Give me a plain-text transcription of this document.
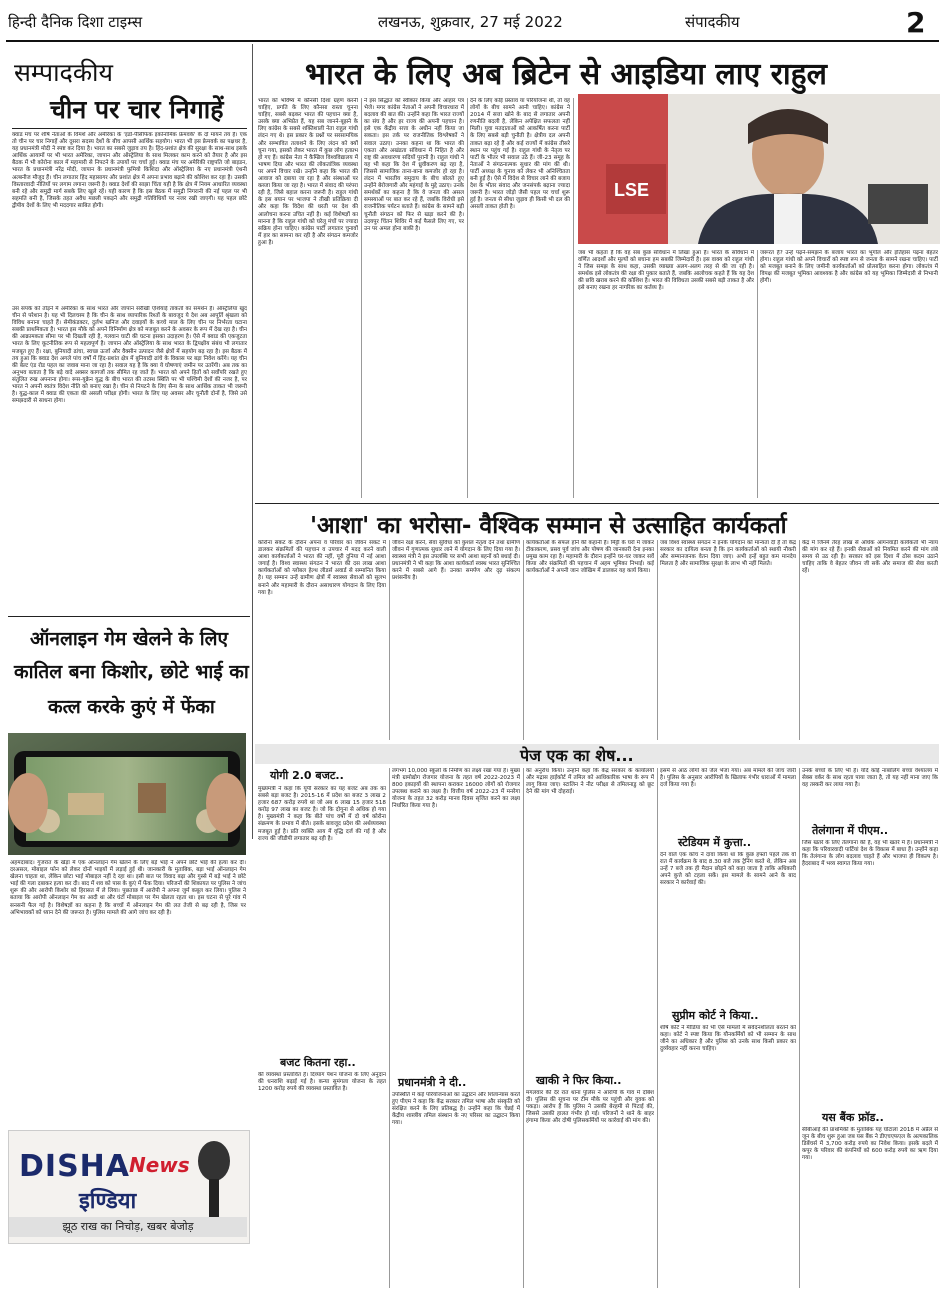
हिन्दी दैनिक दिशा टाइम्स	लखनऊ, शुक्रवार, 27 मई 2022	संपादकीय	2
सम्पादकीय
चीन पर चार निगाहें
क्वाड मंच पर शीर्ष नेताओं के विमर्श और अमेरिका के 'इंडो-पैसिफिक इकोनॉमिक फ्रेमवर्क' के दो मायने तय हैं। एक तो चीन पर चार निगाहें और दूसरा सदस्य देशों के बीच आपसी आर्थिक सहयोग। भारत भी इस फ्रेमवर्क का पक्षधर है, यह प्रधानमंत्री मोदी ने स्पष्ट कर दिया है। भारत का सबसे जुड़ाव तय है। हिंद-प्रशांत क्षेत्र की सुरक्षा के साथ-साथ इसके आर्थिक आयामों पर भी भारत अमेरिका, जापान और ऑस्ट्रेलिया के साथ मिलकर काम करने को तैयार है और इस बैठक में भी कोरोना काल में महामारी से निपटने के उपायों पर चर्चा हुई। क्वाड मंच पर अमेरिकी राष्ट्रपति जो बाइडन, भारत के प्रधानमंत्री नरेंद्र मोदी, जापान के प्रधानमंत्री फुमियो किशिदा और ऑस्ट्रेलिया के नए प्रधानमंत्री एंथनी अल्बनीज मौजूद हैं। चीन लगातार हिंद महासागर और प्रशांत क्षेत्र में अपना प्रभाव बढ़ाने की कोशिश कर रहा है। उसकी विस्तारवादी नीतियों पर लगाम लगाना जरूरी है। क्वाड देशों की साझा चिंता यही है कि क्षेत्र में नियम आधारित व्यवस्था बनी रहे और समुद्री मार्ग सबके लिए खुले रहें। यही कारण है कि इस बैठक में समुद्री निगरानी की नई पहल पर भी सहमति बनी है, जिसके तहत अवैध मछली पकड़ने और समुद्री गतिविधियों पर नजर रखी जाएगी। यह पहल छोटे द्वीपीय देशों के लिए भी मददगार साबित होगी।
उस संपर्क को तोड़ने में अमेरिका के साथ भारत और जापान सरीखी एशियाई ताकतों का समर्थन है। ऑस्ट्रेलिया खुद चीन से परेशान है। यह भी दिलचस्प है कि चीन के साथ व्यापारिक रिश्तों के बावजूद ये देश अब आपूर्ति श्रृंखला को विविध बनाना चाहते हैं। सेमीकंडक्टर, दुर्लभ खनिज और दवाइयों के कच्चे माल के लिए चीन पर निर्भरता घटाना सबकी प्राथमिकता है। भारत इस मौके को अपने विनिर्माण क्षेत्र को मजबूत करने के अवसर के रूप में देख रहा है। चीन की आक्रामकता सीमा पर भी दिखती रही है, गलवान घाटी की घटना इसका उदाहरण है। ऐसे में क्वाड की एकजुटता भारत के लिए कूटनीतिक रूप से महत्वपूर्ण है। जापान और ऑस्ट्रेलिया के साथ भारत के द्विपक्षीय संबंध भी लगातार मजबूत हुए हैं। रक्षा, बुनियादी ढांचा, स्वच्छ ऊर्जा और वैक्सीन उत्पादन जैसे क्षेत्रों में सहयोग बढ़ रहा है। इस बैठक में तय हुआ कि क्वाड देश अगले पांच वर्षों में हिंद-प्रशांत क्षेत्र में बुनियादी ढांचे के विकास पर बड़ा निवेश करेंगे। यह चीन की बेल्ट एंड रोड पहल का जवाब माना जा रहा है। सवाल यह है कि क्या ये घोषणाएं जमीन पर उतरेंगी। अब तक का अनुभव बताता है कि बड़े वादे अक्सर कागजों तक सीमित रह जाते हैं। भारत को अपने हितों को सर्वोपरि रखते हुए संतुलित रुख अपनाना होगा। रूस-यूक्रेन युद्ध के बीच भारत की तटस्थ स्थिति पर भी पश्चिमी देशों की नजर है, पर भारत ने अपनी स्वतंत्र विदेश नीति को बनाए रखा है। चीन से निपटने के लिए सैन्य के साथ आर्थिक ताकत भी जरूरी है। युद्ध-काल में क्वाड की एकता की असली परीक्षा होगी। भारत के लिए यह अवसर और चुनौती दोनों है, जिसे उसे समझदारी से साधना होगा।
ऑनलाइन गेम खेलने के लिए
कातिल बना किशोर, छोटे भाई का
कत्ल करके कुएं में फेंका
अहमदाबाद। गुजरात के खेड़ा में एक ऑनलाइन गेम खेलने के लिए बड़े भाई ने अपने छोटे भाई की हत्या कर दी। दरअसल, मोबाइल फोन को लेकर दोनों भाइयों में लड़ाई हुई थी। जानकारी के मुताबिक, बड़ा भाई ऑनलाइन गेम खेलना चाहता था, लेकिन छोटा भाई मोबाइल नहीं दे रहा था। इसी बात पर विवाद बढ़ा और गुस्से में बड़े भाई ने छोटे भाई की गला दबाकर हत्या कर दी। बाद में शव को पास के कुएं में फेंक दिया। परिजनों की शिकायत पर पुलिस ने जांच शुरू की और आरोपी किशोर को हिरासत में ले लिया। पूछताछ में आरोपी ने अपना जुर्म कबूल कर लिया। पुलिस ने बताया कि आरोपी ऑनलाइन गेम का आदी था और घंटों मोबाइल पर गेम खेलता रहता था। इस घटना से पूरे गांव में सनसनी फैल गई है। विशेषज्ञों का कहना है कि बच्चों में ऑनलाइन गेम की लत तेजी से बढ़ रही है, जिस पर अभिभावकों को ध्यान देने की जरूरत है। पुलिस मामले की आगे जांच कर रही है।
DISHA News
इण्डिया
झूठ राख का निचोड़, खबर बेजोड़
भारत के लिए अब ब्रिटेन से आइडिया लाए राहुल
भारत को भविष्य में कौनसी दिशा ग्रहण करनी चाहिए, प्रगति के लिए कौनसा रास्ता चुनना चाहिए, सबसे बढ़कर भारत की पहचान क्या है, उसके क्या अभिप्रेत हैं, यह सब जानने-बूझने के लिए कांग्रेस के सबसे शक्तिशाली नेता राहुल गांधी लंदन गए थे। इस प्रकार के प्रश्नों पर सरसामयिक और सम्भावित तलाशने के लिए लंदन को क्यों चुना गया, इसको लेकर भारत में कुछ लोग हतप्रभ हो गए हैं। कांग्रेस नेता ने कैम्ब्रिज विश्वविद्यालय में भाषण दिया और भारत की लोकतांत्रिक व्यवस्था पर अपने विचार रखे। उन्होंने कहा कि भारत की आवाज को दबाया जा रहा है और संस्थाओं पर कब्जा किया जा रहा है। भारत में संवाद की परंपरा रही है, जिसे बहाल करना जरूरी है। राहुल गांधी के इस बयान पर भाजपा ने तीखी प्रतिक्रिया दी और कहा कि विदेश की धरती पर देश की आलोचना करना उचित नहीं है। कई विशेषज्ञों का मानना है कि राहुल गांधी को घरेलू मंचों पर ज्यादा सक्रिय होना चाहिए। कांग्रेस पार्टी लगातार चुनावों में हार का सामना कर रही है और संगठन कमजोर हुआ है।
ने इस सिद्धांत को स्वीकार किया और आहार पत्र भेजे। मगर कांग्रेस नेताओं ने अपनी विचारधारा में बदलाव की बात की। उन्होंने कहा कि भारत राज्यों का संघ है और हर राज्य की अपनी पहचान है। इसे एक केंद्रीय सत्ता के अधीन नहीं किया जा सकता। इस तर्क पर राजनीतिक विश्लेषकों ने सवाल उठाए। उनका कहना था कि भारत की एकता और अखंडता संविधान में निहित है और राष्ट्र की अवधारणा सदियों पुरानी है। राहुल गांधी ने यह भी कहा कि देश में ध्रुवीकरण बढ़ रहा है, जिससे सामाजिक ताना-बाना कमजोर हो रहा है। लंदन में भारतीय समुदाय के बीच बोलते हुए उन्होंने बेरोजगारी और महंगाई के मुद्दे उठाए। उनके समर्थकों का कहना है कि वे जनता की असल समस्याओं पर बात कर रहे हैं, जबकि विरोधी इसे राजनीतिक पर्यटन बताते हैं। कांग्रेस के सामने बड़ी चुनौती संगठन को फिर से खड़ा करने की है। उदयपुर चिंतन शिविर में कई फैसले लिए गए, पर उन पर अमल होना बाकी है।
देने के लिए कोई प्रस्ताव या परियोजना थी, तो वह लोगों के बीच सामने आनी चाहिए। कांग्रेस ने 2014 में सत्ता खोने के बाद से लगातार अपनी रणनीति बदली है, लेकिन अपेक्षित सफलता नहीं मिली। युवा मतदाताओं को आकर्षित करना पार्टी के लिए सबसे बड़ी चुनौती है। क्षेत्रीय दल अपनी ताकत बढ़ा रहे हैं और कई राज्यों में कांग्रेस तीसरे स्थान पर पहुंच गई है। राहुल गांधी के नेतृत्व पर पार्टी के भीतर भी सवाल उठे हैं। जी-23 समूह के नेताओं ने संगठनात्मक सुधार की मांग की थी। पार्टी अध्यक्ष के चुनाव को लेकर भी अनिश्चितता बनी हुई है। ऐसे में विदेश से विचार लाने की बजाय देश के भीतर संवाद और जनसंपर्क बढ़ाना ज्यादा जरूरी है। भारत जोड़ो जैसी पहल पर चर्चा शुरू हुई है। जनता से सीधा जुड़ाव ही किसी भी दल की असली ताकत होती है।
LSE
जब भी कहता हैं कि वह सब कुछ संविधान में लिखा हुआ है। भारत के संविधान में वर्णित आदर्शों और मूल्यों को बचाना हम सबकी जिम्मेदारी है। इस वाक्य को राहुल गांधी ने जिस समझ के साथ कहा, उसकी व्याख्या अलग-अलग तरह से की जा रही है। समर्थक इसे लोकतंत्र की रक्षा की पुकार बताते हैं, जबकि आलोचक कहते हैं कि यह देश की छवि खराब करने की कोशिश है। भारत की विविधता उसकी सबसे बड़ी ताकत है और इसे बनाए रखना हर नागरिक का कर्तव्य है।
जरूरत है? उन्हें पढ़ने-समझने के बजाय भारत का भूगोल और इतिहास पढ़ना बेहतर होगा। राहुल गांधी को अपने विचारों को स्पष्ट रूप से जनता के सामने रखना चाहिए। पार्टी को मजबूत बनाने के लिए जमीनी कार्यकर्ताओं को प्रोत्साहित करना होगा। लोकतंत्र में विपक्ष की मजबूत भूमिका आवश्यक है और कांग्रेस को यह भूमिका जिम्मेदारी से निभानी होगी।
'आशा' का भरोसा- वैश्विक सम्मान से उत्साहित कार्यकर्ता
कोरोना संकट के दौरान अपना व परिवार का जीवन संकट में डालकर संक्रमितों की पहचान व उपचार में मदद करने वाली आशा कार्यकर्ताओं ने भारत की नहीं, पूरी दुनिया में नई आशा जगाई है। विश्व स्वास्थ्य संगठन ने भारत की दस लाख आशा कार्यकर्ताओं को ग्लोबल हेल्थ लीडर्स अवार्ड से सम्मानित किया है। यह सम्मान उन्हें ग्रामीण क्षेत्रों में स्वास्थ्य सेवाओं को सुलभ बनाने और महामारी के दौरान असाधारण योगदान के लिए दिया गया है।
जीवन रक्षा करने, सेवा सुविधा को कुशल नेतृत्व देने तथा ग्रामीण जीवन में गुणात्मक सुधार लाने में योगदान के लिए दिया गया है। स्वास्थ्य मंत्री ने इस उपलब्धि पर सभी आशा बहनों को बधाई दी। प्रधानमंत्री ने भी कहा कि आशा कार्यकर्ता स्वस्थ भारत सुनिश्चित करने में सबसे आगे हैं। उनका समर्पण और दृढ़ संकल्प प्रशंसनीय है।
कार्यकर्ताओं के सफल होने की कहानी है। मिट्टी के घरों में जाकर टीकाकरण, प्रसव पूर्व जांच और पोषण की जानकारी देना इनका प्रमुख काम रहा है। महामारी के दौरान इन्होंने घर-घर जाकर सर्वे किया और संक्रमितों की पहचान में अहम भूमिका निभाई। कई कार्यकर्ताओं ने अपनी जान जोखिम में डालकर यह कार्य किया।
जब विश्व स्वास्थ्य संगठन ने इनके योगदान को मान्यता दी है तो केंद्र सरकार का दायित्व बनता है कि इन कार्यकर्ताओं को स्थायी नौकरी और सम्मानजनक वेतन दिया जाए। अभी इन्हें बहुत कम मानदेय मिलता है और सामाजिक सुरक्षा के लाभ भी नहीं मिलते।
केंद्र में जिनमें तेरह लाख से अधिक आंगनवाड़ी कार्यकर्ता भी न्याय की मांग कर रहे हैं। इनकी सेवाओं को नियमित करने की मांग लंबे समय से उठ रही है। सरकार को इस दिशा में ठोस कदम उठाने चाहिए ताकि वे बेहतर जीवन जी सकें और समाज की सेवा करती रहें।
पेज एक का शेष...
योगी 2.0 बजट..
मुख्यमंत्री ने कहा कि यूपी सरकार का यह बजट अब तक का सबसे बड़ा बजट है। 2015-16 में प्रदेश का बजट 3 लाख 2 हजार 687 करोड़ रुपये था जो अब 6 लाख 15 हजार 518 करोड़ 97 लाख का बजट है। जो कि दोगुना से अधिक हो गया है। मुख्यमंत्री ने कहा कि बीते पांच वर्षों में दो वर्ष कोरोना संक्रमण के प्रभाव में बीते। इसके बावजूद प्रदेश की अर्थव्यवस्था मजबूत हुई है। प्रति व्यक्ति आय में वृद्धि दर्ज की गई है और राज्य की जीडीपी लगातार बढ़ रही है।
बजट कितना रहा..
की व्यवस्था प्रस्तावित है। दिव्यांग पेंशन योजना के लिए अनुदान की धनराशि बढ़ाई गई है। कन्या सुमंगला योजना के तहत 1200 करोड़ रुपये की व्यवस्था प्रस्तावित है।
लगभग 10,000 स्कूलों के निर्माण का लक्ष्य रखा गया है। मुख्य मंत्री ग्रामोद्योग रोजगार योजना के तहत वर्ष 2022-2023 में 800 इकाइयों की स्थापना कराकर 16000 लोगों को रोजगार उपलब्ध कराने का लक्ष्य है। वित्तीय वर्ष 2022-23 में मनरेगा योजना के तहत 32 करोड़ मानव दिवस सृजित करने का लक्ष्य निर्धारित किया गया है।
प्रधानमंत्री ने दी..
उपस्थिति में कई परियोजनाओं का उद्घाटन और शिलान्यास करते हुए पीएम ने कहा कि केंद्र सरकार तमिल भाषा और संस्कृति को संरक्षित करने के लिए प्रतिबद्ध है। उन्होंने कहा कि चेन्नई में केंद्रीय शास्त्रीय तमिल संस्थान के नए परिसर का उद्घाटन किया गया।
का अनुरोध किया। उन्होंने कहा कि केंद्र सरकार के कार्यालयों और मद्रास हाईकोर्ट में तमिल को आधिकारिक भाषा के रूप में लागू किया जाए। स्टालिन ने नीट परीक्षा से तमिलनाडु को छूट देने की मांग भी दोहराई।
खाकी ने फिर किया..
मंगलवार की देर रात थाना पुलिस ने आरोपी के गांव में दबिश दी। पुलिस की सूचना पर टीम मौके पर पहुंची और युवक को पकड़ा। आरोप है कि पुलिस ने उसकी बेरहमी से पिटाई की, जिससे उसकी हालत गंभीर हो गई। परिजनों ने थाने के बाहर हंगामा किया और दोषी पुलिसकर्मियों पर कार्रवाई की मांग की।
इसमें से आठ लोगों को जेल भेजा गया। अब मामले की जांच जारी है। पुलिस के अनुसार आरोपियों के खिलाफ गंभीर धाराओं में मामला दर्ज किया गया है।
स्टेडियम में कुत्ता..
देने वाले एक कोच ने दावा किया था कि कुछ हफ्तों पहले तक वो रात में कार्यक्रम के बाद 8.30 बजे तक ट्रेनिंग करते थे, लेकिन अब उन्हें 7 बजे तक ही मैदान छोड़ने को कहा जाता है ताकि अधिकारी अपने कुत्ते को टहला सकें। इस मामले के सामने आने के बाद सरकार ने कार्रवाई की।
सुप्रीम कोर्ट ने किया..
शीर्ष कोर्ट ने मीडिया को भी ऐसे मामलों में संवेदनशीलता बरतने को कहा। कोर्ट ने स्पष्ट किया कि यौनकर्मियों को भी सम्मान के साथ जीने का अधिकार है और पुलिस को उनके साथ किसी प्रकार का दुर्व्यवहार नहीं करना चाहिए।
उनके बच्चों के लिए भी है। यदि कोई नाबालिग बच्चा वेश्यालय में सेक्स वर्कर के साथ रहता पाया जाता है, तो यह नहीं माना जाए कि वह तस्करी कर लाया गया है।
तेलंगाना में पीएम..
जिस खतरे के लिए तेलंगाना की है, वह भी खतरे में है। प्रधानमंत्री ने कहा कि परिवारवादी पार्टियां देश के विकास में बाधा हैं। उन्होंने कहा कि तेलंगाना के लोग बदलाव चाहते हैं और भाजपा ही विकल्प है। हैदराबाद में भव्य स्वागत किया गया।
यस बैंक फ्रॉड..
सीबीआई की प्राथमिकी के मुताबिक यह घोटाला 2018 में अप्रैल से जून के बीच शुरू हुआ जब यस बैंक ने डीएचएफएल के अल्पकालिक डिबेंचर्स में 3,700 करोड़ रुपये का निवेश किया। इसके बदले में कपूर के परिवार की कंपनियों को 600 करोड़ रुपये का ऋण दिया गया।
